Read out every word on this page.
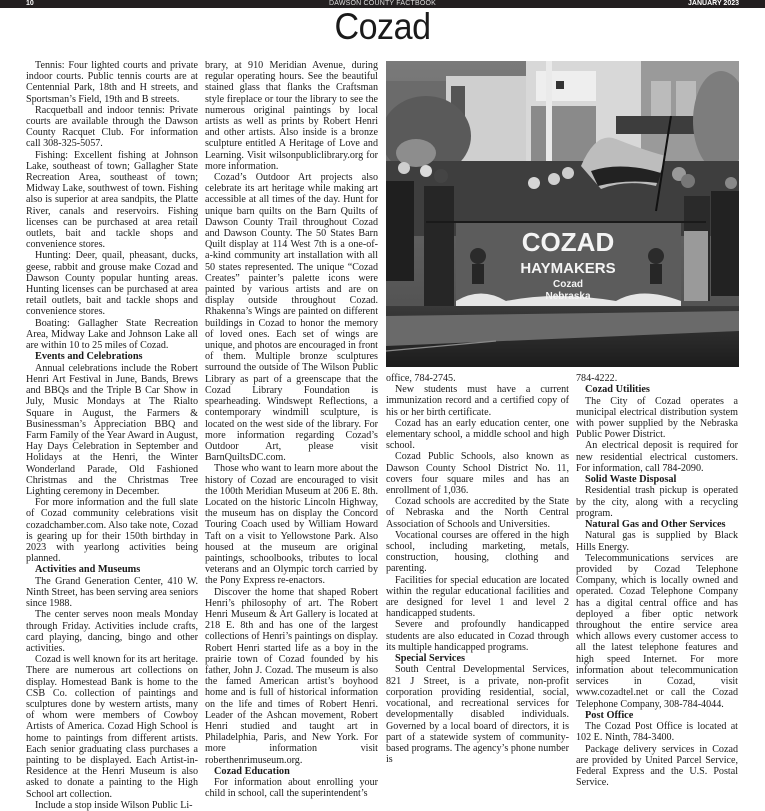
10	DAWSON COUNTY FACTBOOK	JANUARY 2023
Cozad

Tennis: Four lighted courts and private indoor courts. Public tennis courts are at Centennial Park, 18th and H streets, and Sportsman’s Field, 19th and B streets.

Racquetball and indoor tennis: Private courts are available through the Dawson County Racquet Club. For information call 308-325-5057.

Fishing: Excellent fishing at Johnson Lake, southeast of town; Gallagher State Recreation Area, southeast of town; Midway Lake, southwest of town. Fishing also is superior at area sandpits, the Platte River, canals and reservoirs. Fishing licenses can be purchased at area retail outlets, bait and tackle shops and convenience stores.

Hunting: Deer, quail, pheasant, ducks, geese, rabbit and grouse make Cozad and Dawson County popular hunting areas. Hunting licenses can be purchased at area retail outlets, bait and tackle shops and convenience stores.

Boating: Gallagher State Recreation Area, Midway Lake and Johnson Lake all are within 10 to 25 miles of Cozad.

Events and Celebrations

Annual celebrations include the Robert Henri Art Festival in June, Bands, Brews and BBQs and the Triple B Car Show in July, Music Mondays at The Rialto Square in August, the Farmers & Businessman’s Appreciation BBQ and Farm Family of the Year Award in August, Hay Days Celebration in September and Holidays at the Henri, the Winter Wonderland Parade, Old Fashioned Christmas and the Christmas Tree Lighting ceremony in December.

For more information and the full slate of Cozad community celebrations visit cozadchamber.com. Also take note, Cozad is gearing up for their 150th birthday in 2023 with yearlong activities being planned.

Activities and Museums

The Grand Generation Center, 410 W. Ninth Street, has been serving area seniors since 1988.

The center serves noon meals Monday through Friday. Activities include crafts, card playing, dancing, bingo and other activities.

Cozad is well known for its art heritage. There are numerous art collections on display. Homestead Bank is home to the CSB Co. collection of paintings and sculptures done by western artists, many of whom were members of Cowboy Artists of America. Cozad High School is home to paintings from different artists. Each senior graduating class purchases a painting to be displayed. Each Artist-in-Residence at the Henri Museum is also asked to donate a painting to the High School art collection.

Include a stop inside Wilson Public Li-

brary, at 910 Meridian Avenue, during regular operating hours. See the beautiful stained glass that flanks the Craftsman style fireplace or tour the library to see the numerous original paintings by local artists as well as prints by Robert Henri and other artists. Also inside is a bronze sculpture entitled A Heritage of Love and Learning. Visit wilsonpubliclibrary.org for more information.

Cozad’s Outdoor Art projects also celebrate its art heritage while making art accessible at all times of the day. Hunt for unique barn quilts on the Barn Quilts of Dawson County Trail throughout Cozad and Dawson County. The 50 States Barn Quilt display at 114 West 7th is a one-of-a-kind community art installation with all 50 states represented. The unique “Cozad Creates” painter’s palette icons were painted by various artists and are on display outside throughout Cozad. Rhakenna’s Wings are painted on different buildings in Cozad to honor the memory of loved ones. Each set of wings are unique, and photos are encouraged in front of them. Multiple bronze sculptures surround the outside of The Wilson Public Library as part of a greenscape that the Cozad Library Foundation is spearheading. Windswept Reflections, a contemporary windmill sculpture, is located on the west side of the library. For more information regarding Cozad’s Outdoor Art, please visit BarnQuiltsDC.com.

Those who want to learn more about the history of Cozad are encouraged to visit the 100th Meridian Museum at 206 E. 8th. Located on the historic Lincoln Highway, the museum has on display the Concord Touring Coach used by William Howard Taft on a visit to Yellowstone Park. Also housed at the museum are original paintings, schoolbooks, tributes to local veterans and an Olympic torch carried by the Pony Express re-enactors.

Discover the home that shaped Robert Henri’s philosophy of art. The Robert Henri Museum & Art Gallery is located at 218 E. 8th and has one of the largest collections of Henri’s paintings on display. Robert Henri started life as a boy in the prairie town of Cozad founded by his father, John J. Cozad. The museum is also the famed American artist’s boyhood home and is full of historical information on the life and times of Robert Henri. Leader of the Ashcan movement, Robert Henri studied and taught art in Philadelphia, Paris, and New York. For more information visit roberthenrimuseum.org.

Cozad Education

For information about enrolling your child in school, call the superintendent’s

COZAD
HAYMAKERS
Cozad
Nebraska

office, 784-2745.

New students must have a current immunization record and a certified copy of his or her birth certificate.

Cozad has an early education center, one elementary school, a middle school and high school.

Cozad Public Schools, also known as Dawson County School District No. 11, covers four square miles and has an enrollment of 1,036.

Cozad schools are accredited by the State of Nebraska and the North Central Association of Schools and Universities.

Vocational courses are offered in the high school, including marketing, metals, construction, housing, clothing and parenting.

Facilities for special education are located within the regular educational facilities and are designed for level 1 and level 2 handicapped students.

Severe and profoundly handicapped students are also educated in Cozad through its multiple handicapped programs.

Special Services

South Central Developmental Services, 821 J Street, is a private, non-profit corporation providing residential, social, vocational, and recreational services for developmentally disabled individuals. Governed by a local board of directors, it is part of a statewide system of community-based programs. The agency’s phone number is

784-4222.

Cozad Utilities

The City of Cozad operates a municipal electrical distribution system with power supplied by the Nebraska Public Power District.

An electrical deposit is required for new residential electrical customers. For information, call 784-2090.

Solid Waste Disposal

Residential trash pickup is operated by the city, along with a recycling program.

Natural Gas and Other Services

Natural gas is supplied by Black Hills Energy.

Telecommunications services are provided by Cozad Telephone Company, which is locally owned and operated. Cozad Telephone Company has a digital central office and has deployed a fiber optic network throughout the entire service area which allows every customer access to all the latest telephone features and high speed Internet. For more information about telecommunication services in Cozad, visit www.cozadtel.net or call the Cozad Telephone Company, 308-784-4044.

Post Office

The Cozad Post Office is located at 102 E. Ninth, 784-3400.

Package delivery services in Cozad are provided by United Parcel Service, Federal Express and the U.S. Postal Service.
